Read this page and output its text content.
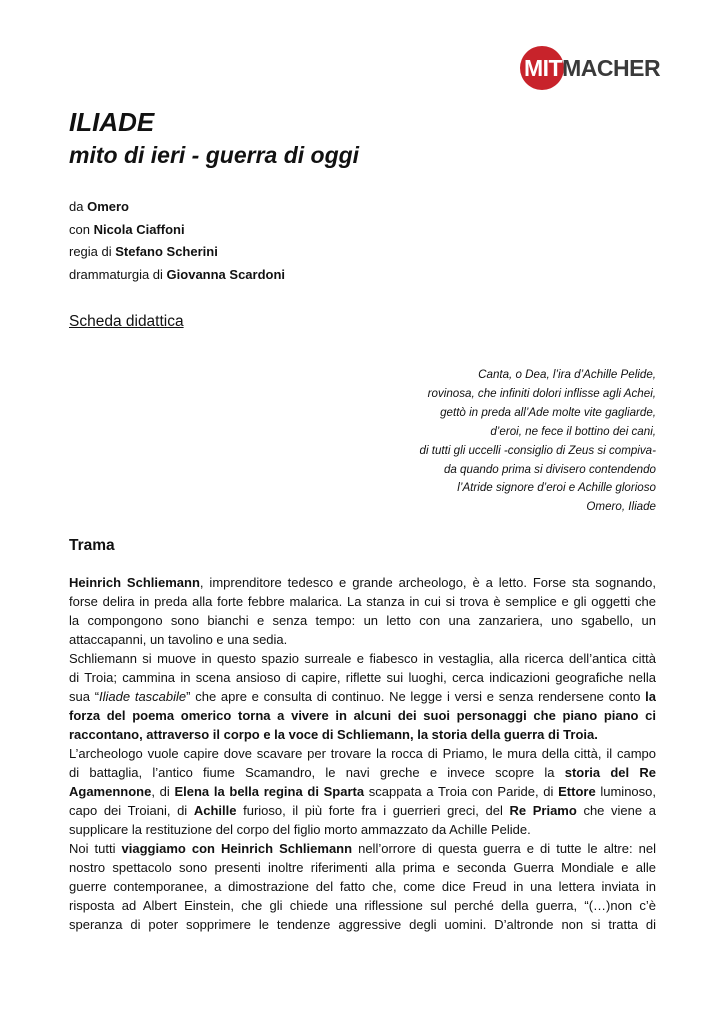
MITMACHER
ILIADE
mito di ieri - guerra di oggi
da Omero
con Nicola Ciaffoni
regia di Stefano Scherini
drammaturgia di Giovanna Scardoni
Scheda didattica
Canta, o Dea, l’ira d’Achille Pelide,
rovinosa, che infiniti dolori inflisse agli Achei,
gettò in preda all’Ade molte vite gagliarde,
d’eroi, ne fece il bottino dei cani,
di tutti gli uccelli -consiglio di Zeus si compiva-
da quando prima si divisero contendendo
l’Atride signore d’eroi e Achille glorioso
Omero, Iliade
Trama
Heinrich Schliemann, imprenditore tedesco e grande archeologo, è a letto. Forse sta sognando,
forse delira in preda alla forte febbre malarica. La stanza in cui si trova è semplice e gli oggetti che
la compongono sono bianchi e senza tempo: un letto con una zanzariera, uno sgabello, un
attaccapanni, un tavolino e una sedia.
Schliemann si muove in questo spazio surreale e fiabesco in vestaglia, alla ricerca dell’antica città
di Troia; cammina in scena ansioso di capire, riflette sui luoghi, cerca indicazioni geografiche nella
sua “Iliade tascabile” che apre e consulta di continuo. Ne legge i versi e senza rendersene conto la
forza del poema omerico torna a vivere in alcuni dei suoi personaggi che piano piano ci
raccontano, attraverso il corpo e la voce di Schliemann, la storia della guerra di Troia.
L’archeologo vuole capire dove scavare per trovare la rocca di Priamo, le mura della città, il campo
di battaglia, l’antico fiume Scamandro, le navi greche e invece scopre la storia del Re
Agamennone, di Elena la bella regina di Sparta scappata a Troia con Paride, di Ettore luminoso,
capo dei Troiani, di Achille furioso, il più forte fra i guerrieri greci, del Re Priamo che viene a
supplicare la restituzione del corpo del figlio morto ammazzato da Achille Pelide.
Noi tutti viaggiamo con Heinrich Schliemann nell’orrore di questa guerra e di tutte le altre: nel
nostro spettacolo sono presenti inoltre riferimenti alla prima e seconda Guerra Mondiale e alle
guerre contemporanee, a dimostrazione del fatto che, come dice Freud in una lettera inviata in
risposta ad Albert Einstein, che gli chiede una riflessione sul perché della guerra, “(…)non c’è
speranza di poter sopprimere le tendenze aggressive degli uomini. D’altronde non si tratta di
